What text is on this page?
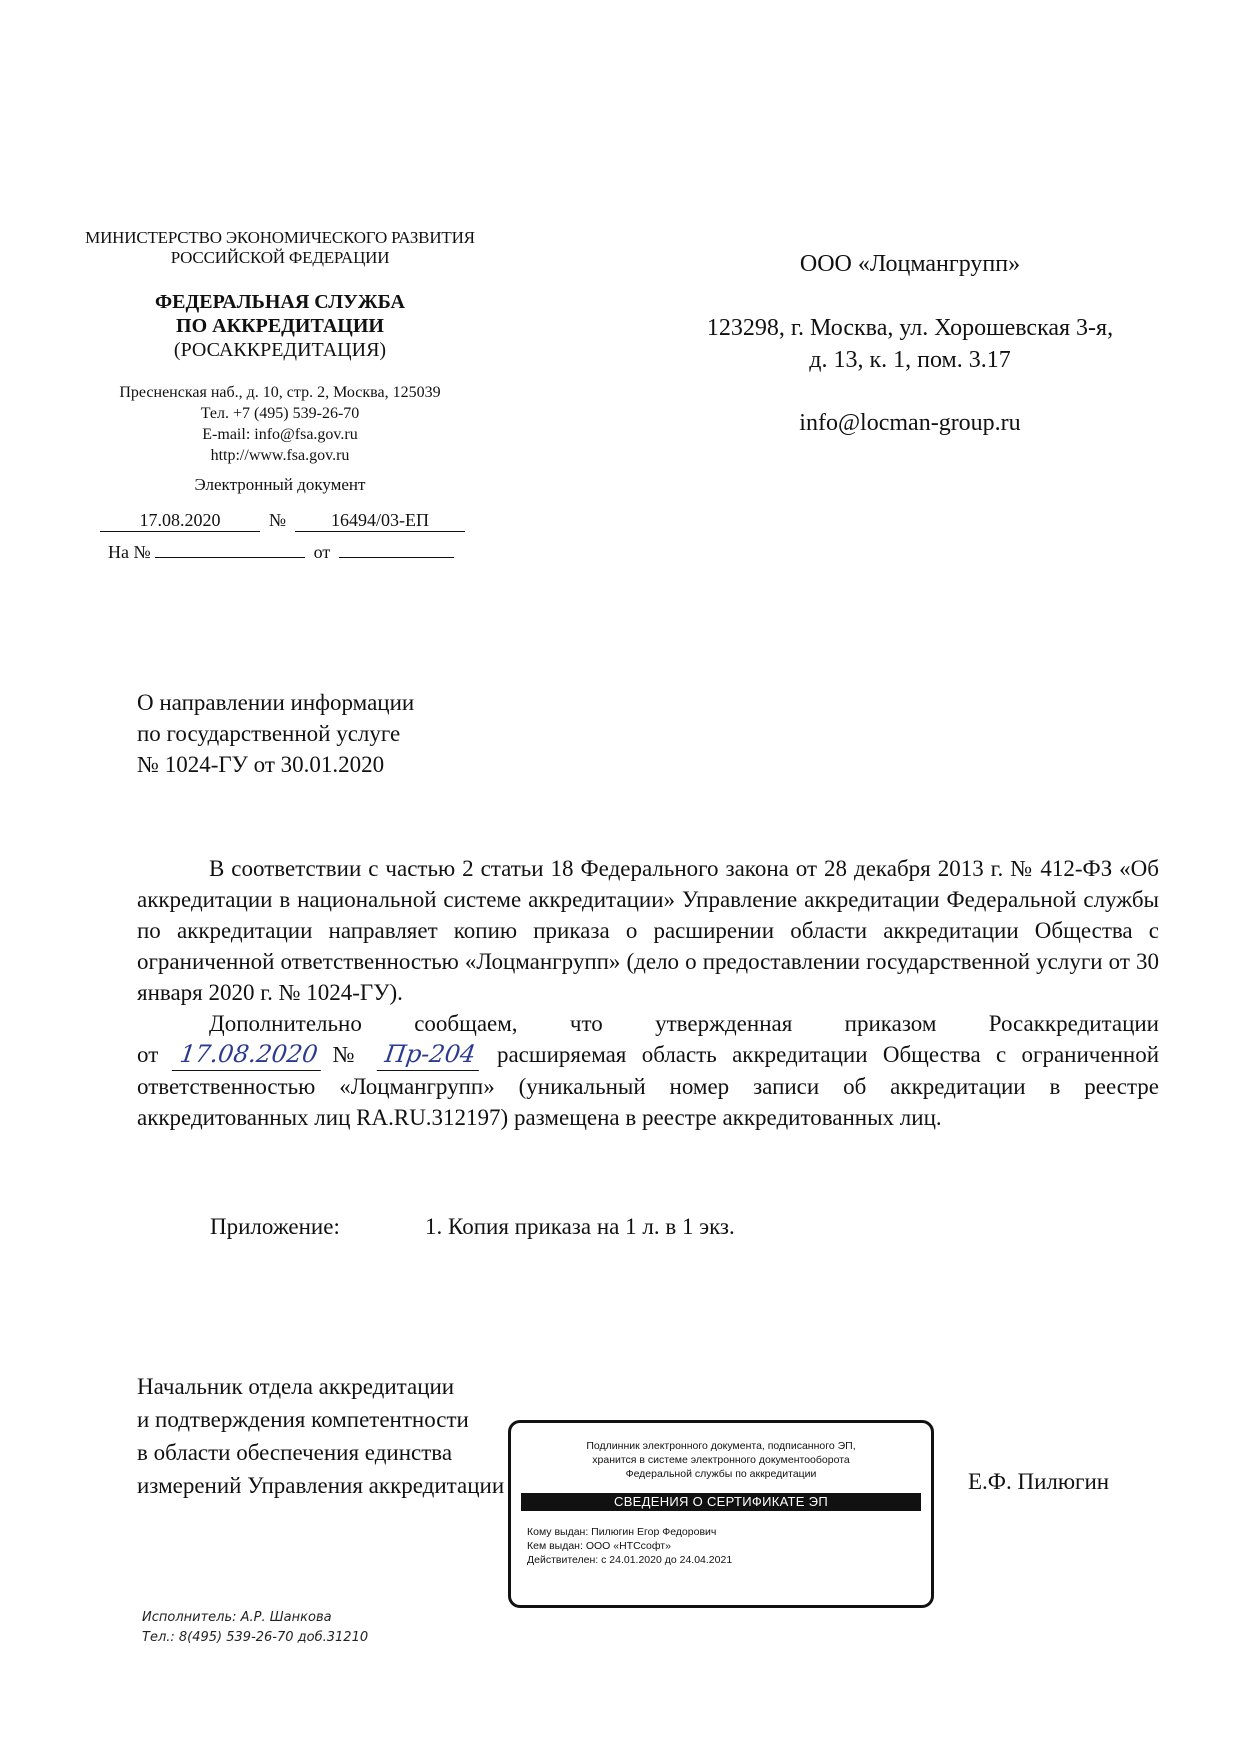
МИНИСТЕРСТВО ЭКОНОМИЧЕСКОГО РАЗВИТИЯ
РОССИЙСКОЙ ФЕДЕРАЦИИ
ФЕДЕРАЛЬНАЯ СЛУЖБА
ПО АККРЕДИТАЦИИ
(РОСАККРЕДИТАЦИЯ)
Пресненская наб., д. 10, стр. 2, Москва, 125039
Тел. +7 (495) 539-26-70
E-mail: info@fsa.gov.ru
http://www.fsa.gov.ru
Электронный документ
17.08.2020	№ 16494/03-ЕП
На №	от
ООО «Лоцмангрупп»
123298, г. Москва, ул. Хорошевская 3-я,
д. 13, к. 1, пом. 3.17
info@locman-group.ru
О направлении информации
по государственной услуге
№ 1024-ГУ от 30.01.2020

В соответствии с частью 2 статьи 18 Федерального закона от 28 декабря 2013 г. № 412-ФЗ «Об аккредитации в национальной системе аккредитации» Управление аккредитации Федеральной службы по аккредитации направляет копию приказа о расширении области аккредитации Общества с ограниченной ответственностью «Лоцмангрупп» (дело о предоставлении государственной услуги от 30 января 2020 г. № 1024-ГУ).

Дополнительно сообщаем, что утвержденная приказом Росаккредитации

от 17.08.2020 № Пр-204 расширяемая область аккредитации Общества с ограниченной ответственностью «Лоцмангрупп» (уникальный номер записи об аккредитации в реестре аккредитованных лиц RA.RU.312197) размещена в реестре аккредитованных лиц.

Приложение:	1. Копия приказа на 1 л. в 1 экз.
Начальник отдела аккредитации
и подтверждения компетентности
в области обеспечения единства
измерений Управления аккредитации	Е.Ф. Пилюгин
Подлинник электронного документа, подписанного ЭП,
хранится в системе электронного документооборота
Федеральной службы по аккредитации
СВЕДЕНИЯ О СЕРТИФИКАТЕ ЭП
Кому выдан: Пилюгин Егор Федорович
Кем выдан: ООО «НТСсофт»
Действителен: с 24.01.2020 до 24.04.2021
Исполнитель: А.Р. Шанкова
Тел.: 8(495) 539-26-70 доб.31210
